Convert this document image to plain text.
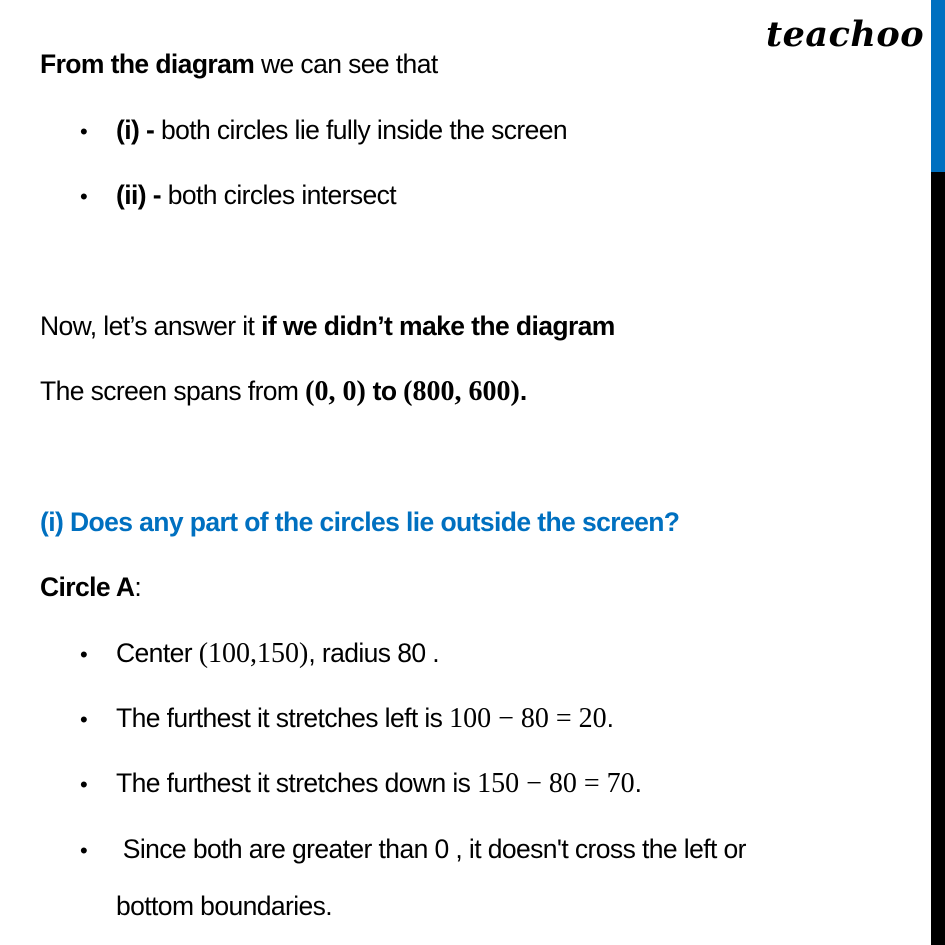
teachoo
From the diagram we can see that
• (i) - both circles lie fully inside the screen
• (ii) - both circles intersect
Now, let’s answer it if we didn’t make the diagram
The screen spans from (0, 0) to (800, 600).
(i) Does any part of the circles lie outside the screen?
Circle A:
• Center (100,150), radius 80 .
• The furthest it stretches left is 100 − 80 = 20.
• The furthest it stretches down is 150 − 80 = 70.
• Since both are greater than 0 , it doesn't cross the left or
bottom boundaries.
